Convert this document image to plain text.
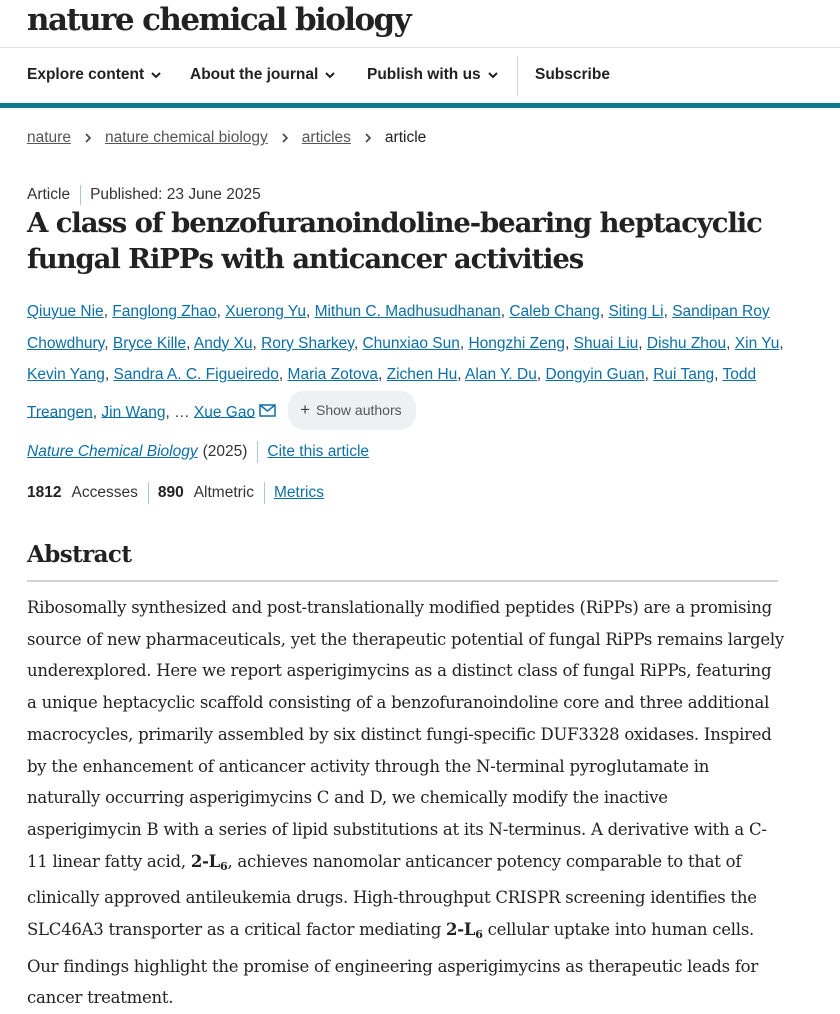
nature chemical biology
Explore content	About the journal	Publish with us	Subscribe
nature nature chemical biology articles article
Article Published: 23 June 2025
A class of benzofuranoindoline-bearing heptacyclic fungal RiPPs with anticancer activities
Qiuyue Nie, Fanglong Zhao, Xuerong Yu, Mithun C. Madhusudhanan, Caleb Chang, Siting Li, Sandipan Roy Chowdhury, Bryce Kille, Andy Xu, Rory Sharkey, Chunxiao Sun, Hongzhi Zeng, Shuai Liu, Dishu Zhou, Xin Yu, Kevin Yang, Sandra A. C. Figueiredo, Maria Zotova, Zichen Hu, Alan Y. Du, Dongyin Guan, Rui Tang, Todd Treangen, Jin Wang, … Xue Gao	+ Show authors
Nature Chemical Biology (2025) Cite this article
1812 Accesses 890 Altmetric Metrics
Abstract

Ribosomally synthesized and post-translationally modified peptides (RiPPs) are a promising source of new pharmaceuticals, yet the therapeutic potential of fungal RiPPs remains largely underexplored. Here we report asperigimycins as a distinct class of fungal RiPPs, featuring a unique heptacyclic scaffold consisting of a benzofuranoindoline core and three additional macrocycles, primarily assembled by six distinct fungi-specific DUF3328 oxidases. Inspired by the enhancement of anticancer activity through the N-terminal pyroglutamate in naturally occurring asperigimycins C and D, we chemically modify the inactive asperigimycin B with a series of lipid substitutions at its N-terminus. A derivative with a C-11 linear fatty acid, $2-L_6$, achieves nanomolar anticancer potency comparable to that of clinically approved antileukemia drugs. High-throughput CRISPR screening identifies the SLC46A3 transporter as a critical factor mediating $2-L_6$ cellular uptake into human cells. Our findings highlight the promise of engineering asperigimycins as therapeutic leads for cancer treatment.
